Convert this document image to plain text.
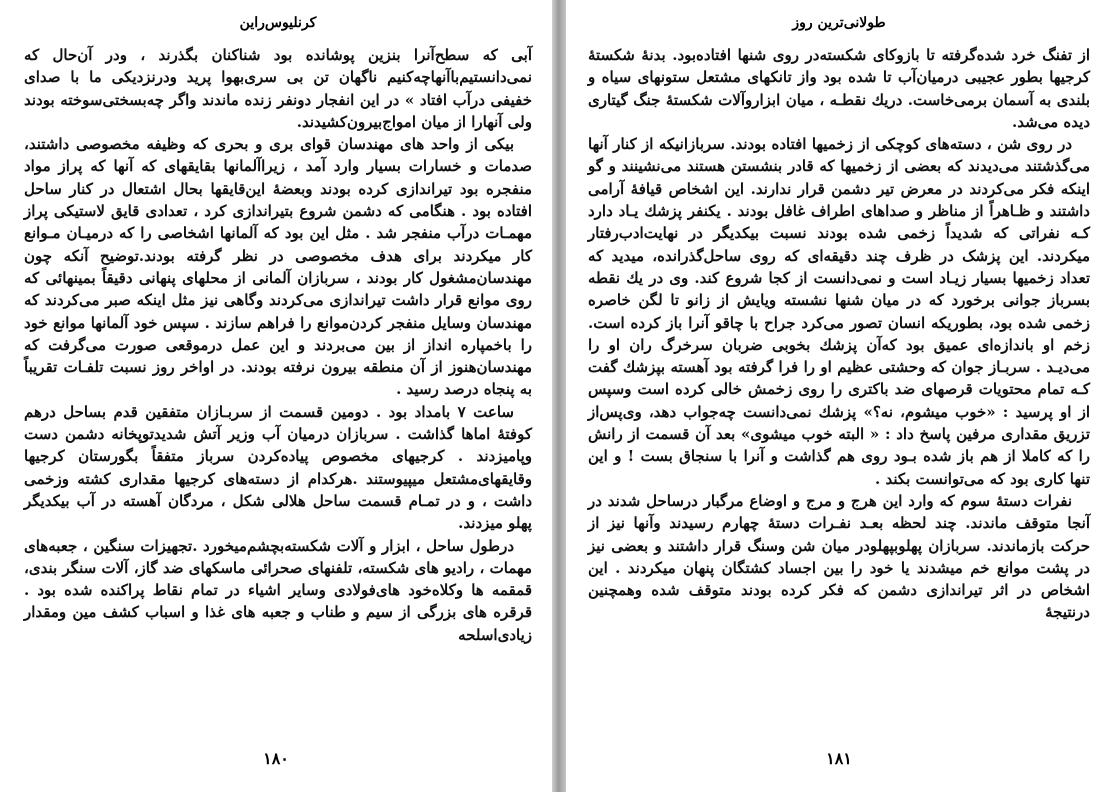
کرنلیوس‌راین

آبی که سطح‌آنرا بنزین پوشانده بود شناکنان بگذرند ، ودر آن‌حال که نمی‌دانستیم‌باآنهاچه‌کنیم ناگهان تن بی سری‌بهوا پرید ودرنزدیکی ما با صدای خفیفی درآب افتاد » در این انفجار دونفر زنده ماندند واگر چه‌بسختی‌سوخته بودند ولی آنهارا از میان امواج‌بیرون‌کشیدند.

بیکی از واحد های مهندسان قوای بری و بحری که وظیفه مخصوصی داشتند، صدمات و خسارات بسیار وارد آمد ، زیراآلمانها بقایقهای که آنها که پراز مواد منفجره بود تیراندازی کرده بودند وبعضهٔ این‌قایقها بحال اشتعال در کنار ساحل افتاده بود . هنگامی که دشمن شروع بتیراندازی کرد ، تعدادی قایق لاستیکی پراز مهمـات درآب منفجر شد . مثل این بود که آلمانها اشخاصی را که درمیـان مـوانع کار میکردند برای هدف مخصوصی در نظر گرفته بودند.توضیح آنکه چون مهندسان‌مشغول کار بودند ، سربازان آلمانی از محلهای پنهانی دقیقاً بمینهائی که روی موانع قرار داشت تیراندازی می‌کردند وگاهی نیز مثل اینکه صبر می‌کردند که مهندسان وسایل منفجر کردن‌موانع را فراهم سازند . سپس خود آلمانها موانع خود را باخمپاره انداز از بین می‌بردند و این عمل درموقعی صورت می‌گرفت که مهندسان‌هنوز از آن منطقه بیرون نرفته بودند. در اواخر روز نسبت تلفـات تقریباً به پنجاه درصد رسید .

ساعت ۷ بامداد بود . دومین قسمت از سربـازان متفقین قدم بساحل درهم کوفتهٔ اماها گذاشت . سربازان درمیان آب وزیر آتش شدیدتوپخانه دشمن دست وپامیزدند . کرجیهای مخصوص پیاده‌کردن سرباز متفقاً بگورستان کرجیها وقایقهای‌مشتعل میپیوستند .هرکدام از دسته‌های کرجیها مقداری کشته وزخمی داشت ، و در تمـام قسمت ساحل هلالی شکل ، مردگان آهسته در آب بیکدیگر پهلو میزدند.

درطول ساحل ، ابزار و آلات شکسته‌بچشم‌میخورد .تجهیزات سنگین ، جعبه‌های مهمات ، رادیو های شکسته، تلفنهای صحرائی ماسکهای ضد گاز، آلات سنگر بندی، قمقمه ها وکلاه‌خود های‌فولادی وسایر اشیاء در تمام نقاط پراکنده شده بود . قرقره های بزرگی از سیم و طناب و جعبه های غذا و اسباب کشف مین ومقدار زیادی‌اسلحه

۱۸۰
طولانی‌ترین روز

از تفنگ خرد شده‌گرفته تا بازوکای شکسته‌در روی شنها افتاده‌بود. بدنهٔ شکستهٔ کرجیها بطور عجیبی درمیان‌آب تا شده بود واز تانکهای مشتعل ستونهای سیاه و بلندی به آسمان برمی‌خاست. دریك نقطـه ، میان ابزاروآلات شکستهٔ جنگ گیتاری دیده می‌شد.

در روی شن ، دسته‌های کوچکی از زخمیها افتاده بودند. سربازانیکه از کنار آنها می‌گذشتند می‌دیدند که بعضی از زخمیها که قادر بنشستن هستند می‌نشینند و گو اینکه فکر می‌کردند در معرض تیر دشمن قرار ندارند. این اشخاص قیافهٔ آرامی داشتند و ظـاهراً از مناظر و صداهای اطراف غافل بودند . یکنفر پزشك یـاد دارد کـه نفراتی که شدیداً زخمی شده بودند نسبت بیکدیگر در نهایت‌ادب‌رفتار میکردند. این پزشک در ظرف چند دقیقه‌ای که روی ساحل‌گذرانده، میدید که تعداد زخمیها بسیار زیـاد است و نمی‌دانست از کجا شروع کند. وی در یك نقطه بسرباز جوانی برخورد که در میان شنها نشسته ویایش از زانو تا لگن خاصره زخمی شده بود، بطوریکه انسان تصور می‌کرد جراح با چاقو آنرا باز کرده است. زخم او باندازه‌ای عمیق بود که‌آن پزشك بخوبی ضربان سرخرگ ران او را می‌دیـد . سربـاز جوان که وحشتی عظیم او را فرا گرفته بود آهسته بپزشك گفت کـه تمام محتویات قرصهای ضد باکتری را روی زخمش خالی کرده است وسپس از او پرسید : «خوب میشوم، نه؟» پزشك نمی‌دانست چه‌جواب دهد، وی‌پس‌از تزریق مقداری مرفین پاسخ داد : « البته خوب میشوی» بعد آن قسمت از رانش را که کاملا از هم باز شده بـود روی هم گذاشت و آنرا با سنجاق بست ! و این تنها کاری بود که می‌توانست بکند .

نفرات دستهٔ سوم که وارد این هرج و مرج و اوضاع مرگبار درساحل شدند در آنجا متوقف ماندند. چند لحظه بعـد نفـرات دستهٔ چهارم رسیدند وآنها نیز از حرکت بازماندند. سربازان پهلوبپهلودر میان شن وسنگ قرار داشتند و بعضی نیز در پشت موانع خم میشدند یا خود را بین اجساد کشتگان پنهان میکردند . این اشخاص در اثر تیراندازی دشمن که فکر کرده بودند متوقف شده وهمچنین درنتیجهٔ

۱۸۱
